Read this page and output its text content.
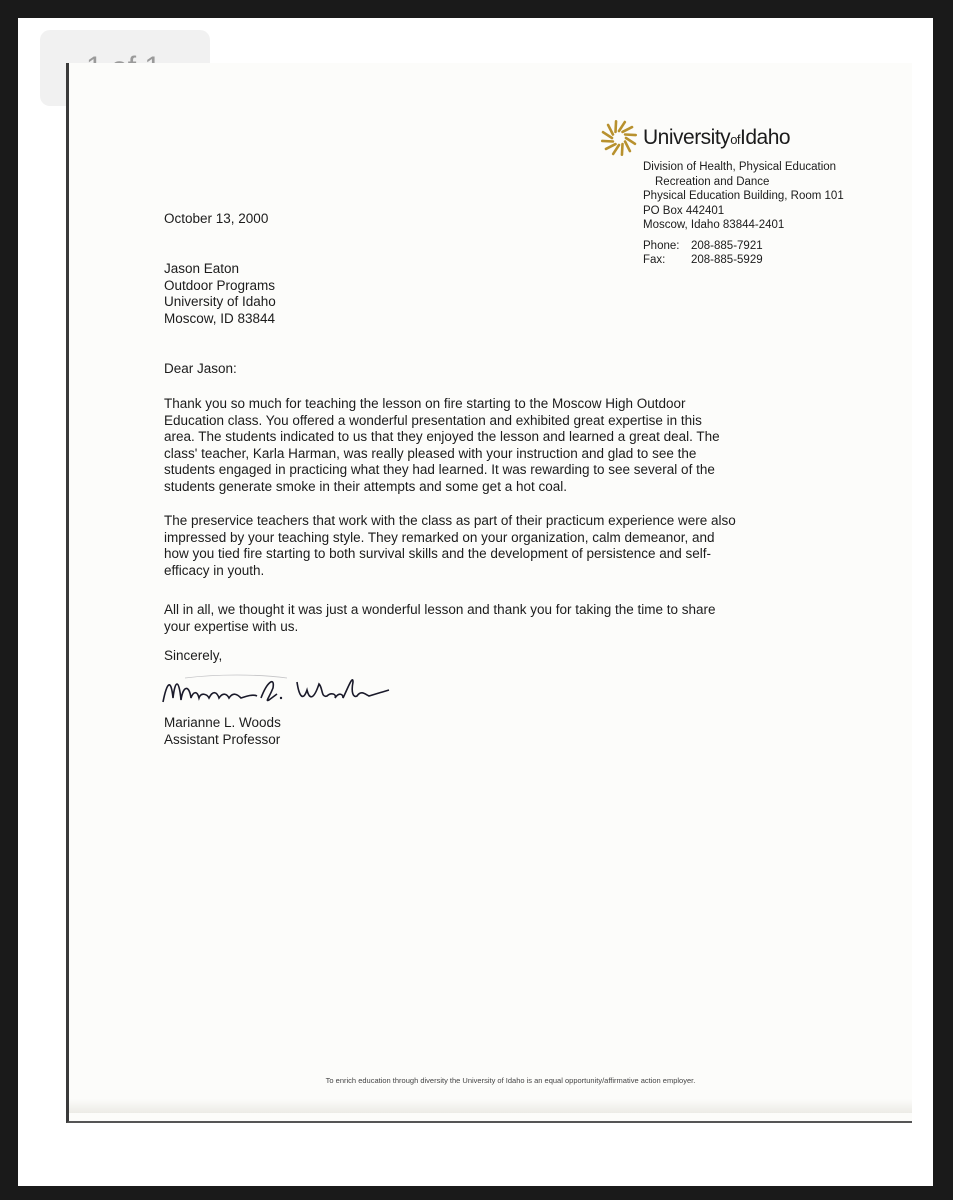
UniversityofIdaho
Division of Health, Physical Education
Recreation and Dance
Physical Education Building, Room 101
PO Box 442401
Moscow, Idaho 83844-2401
Phone: 208-885-7921
Fax: 208-885-5929
October 13, 2000
Jason Eaton
Outdoor Programs
University of Idaho
Moscow, ID 83844
Dear Jason:
Thank you so much for teaching the lesson on fire starting to the Moscow High Outdoor
Education class. You offered a wonderful presentation and exhibited great expertise in this
area. The students indicated to us that they enjoyed the lesson and learned a great deal. The
class' teacher, Karla Harman, was really pleased with your instruction and glad to see the
students engaged in practicing what they had learned. It was rewarding to see several of the
students generate smoke in their attempts and some get a hot coal.
The preservice teachers that work with the class as part of their practicum experience were also
impressed by your teaching style. They remarked on your organization, calm demeanor, and
how you tied fire starting to both survival skills and the development of persistence and self-
efficacy in youth.
All in all, we thought it was just a wonderful lesson and thank you for taking the time to share
your expertise with us.
Sincerely,
Marianne L. Woods
Assistant Professor
To enrich education through diversity the University of Idaho is an equal opportunity/affirmative action employer.
